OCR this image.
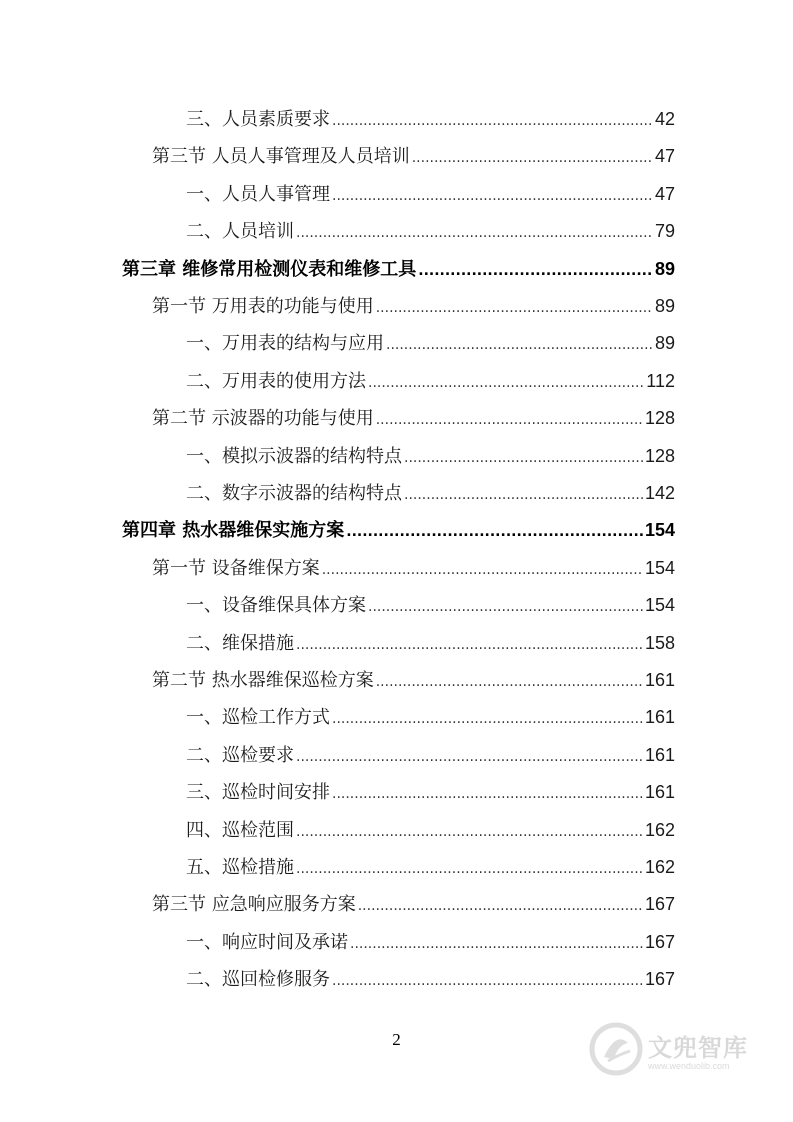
三、人员素质要求 .....	42
第三节 人员人事管理及人员培训 .....	47
一、人员人事管理 .....	47
二、人员培训 .....	79
第三章 维修常用检测仪表和维修工具 .....	89
第一节 万用表的功能与使用 .....	89
一、万用表的结构与应用 .....	89
二、万用表的使用方法 .....	112
第二节 示波器的功能与使用 .....	128
一、模拟示波器的结构特点 .....	128
二、数字示波器的结构特点 .....	142
第四章 热水器维保实施方案 .....	154
第一节 设备维保方案 .....	154
一、设备维保具体方案 .....	154
二、维保措施 .....	158
第二节 热水器维保巡检方案 .....	161
一、巡检工作方式 .....	161
二、巡检要求 .....	161
三、巡检时间安排 .....	161
四、巡检范围 .....	162
五、巡检措施 .....	162
第三节 应急响应服务方案 .....	167
一、响应时间及承诺 .....	167
二、巡回检修服务 .....	167
2	文兜智库
www.wenduolib.com
